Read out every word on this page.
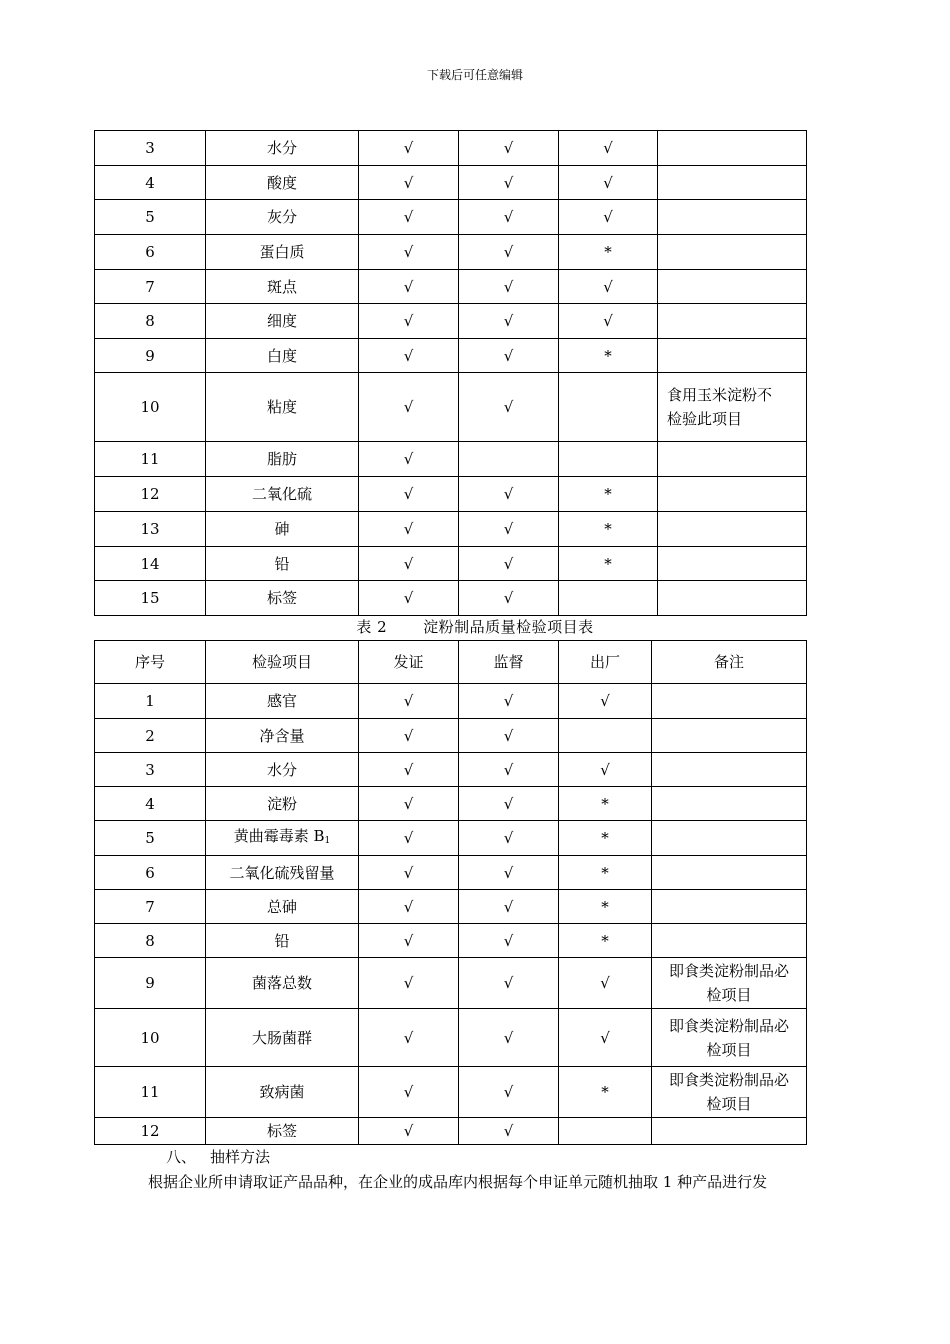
下载后可任意编辑
3	水分	√	√	√	
4	酸度	√	√	√	
5	灰分	√	√	√	
6	蛋白质	√	√	*	
7	斑点	√	√	√	
8	细度	√	√	√	
9	白度	√	√	*	
10	粘度	√	√		食用玉米淀粉不
检验此项目

11	脂肪	√			
12	二氧化硫	√	√	*	
13	砷	√	√	*	
14	铅	√	√	*	
15	标签	√	√		
表 2 淀粉制品质量检验项目表
序号	检验项目	发证	监督	出厂	备注
1	感官	√	√	√	
2	净含量	√	√		
3	水分	√	√	√	
4	淀粉	√	√	*	
5	黄曲霉毒素 $B_1$	√	√	*	
6	二氧化硫残留量	√	√	*	
7	总砷	√	√	*	
8	铅	√	√	*	
9	菌落总数	√	√	√	即食类淀粉制品必
检项目

10	大肠菌群	√	√	√	即食类淀粉制品必
检项目

11	致病菌	√	√	*	即食类淀粉制品必
检项目

12	标签	√	√		
八、 抽样方法
根据企业所申请取证产品品种，在企业的成品库内根据每个申证单元随机抽取 1 种产品进行发
